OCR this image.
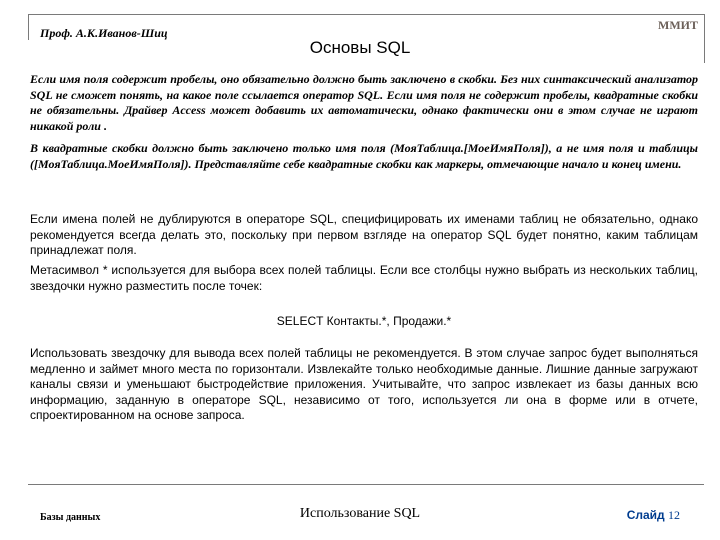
Проф. А.К.Иванов-Шиц
ММИТ
Основы SQL

Если имя поля содержит пробелы, оно обязательно должно быть заключено в скобки. Без них синтаксический анализатор SQL не сможет понять, на какое поле ссылается оператор SQL. Если имя поля не содержит пробелы, квадратные скобки не обязательны. Драйвер Access может добавить их автоматически, однако фактически они в этом случае не играют никакой роли .

В квадратные скобки должно быть заключено только имя поля (МояТаблица.[МоеИмяПоля]), а не имя поля и таблицы ([МояТаблица.МоеИмяПоля]). Представляйте себе квадратные скобки как маркеры, отмечающие начало и конец имени.

Если имена полей не дублируются в операторе SQL, специфицировать их именами таблиц не обязательно, однако рекомендуется всегда делать это, поскольку при первом взгляде на оператор SQL будет понятно, каким таблицам принадлежат поля.

Метасимвол * используется для выбора всех полей таблицы. Если все столбцы нужно выбрать из нескольких таблиц, звездочки нужно разместить после точек:

SELECT Контакты.*, Продажи.*

Использовать звездочку для вывода всех полей таблицы не рекомендуется. В этом случае запрос будет выполняться медленно и займет много места по горизонтали. Извлекайте только необходимые данные. Лишние данные загружают каналы связи и уменьшают быстродействие приложения. Учитывайте, что запрос извлекает из базы данных всю информацию, заданную в операторе SQL, независимо от того, используется ли она в форме или в отчете, спроектированном на основе запроса.

Базы данных	Использование SQL	Слайд 12
